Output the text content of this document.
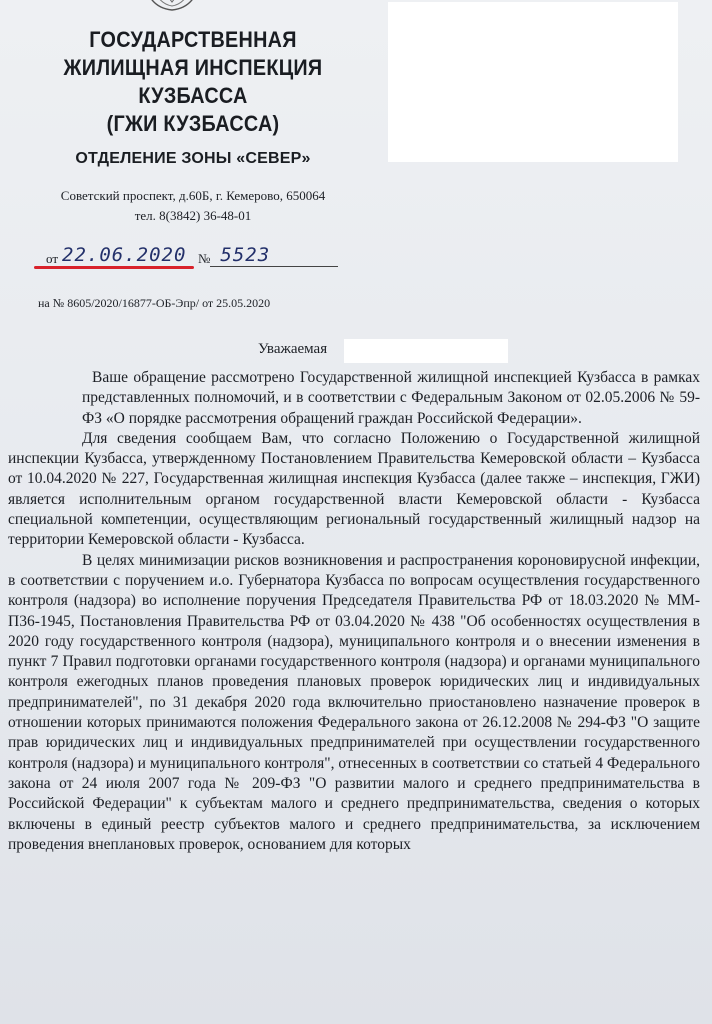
ГОСУДАРСТВЕННАЯ
ЖИЛИЩНАЯ ИНСПЕКЦИЯ
КУЗБАССА
(ГЖИ КУЗБАССА)
ОТДЕЛЕНИЕ ЗОНЫ «СЕВЕР»
Советский проспект, д.60Б, г. Кемерово, 650064
тел. 8(3842) 36-48-01
от 22.06.2020 № 5523

на № 8605/2020/16877-ОБ-Эпр/ от 25.05.2020

Уважаемая

Ваше обращение рассмотрено Государственной жилищной инспекцией Кузбасса в рамках представленных полномочий, и в соответствии с Федеральным Законом от 02.05.2006 № 59-ФЗ «О порядке рассмотрения обращений граждан Российской Федерации».

Для сведения сообщаем Вам, что согласно Положению о Государственной жилищной инспекции Кузбасса, утвержденному Постановлением Правительства Кемеровской области – Кузбасса от 10.04.2020 № 227, Государственная жилищная инспекция Кузбасса (далее также – инспекция, ГЖИ) является исполнительным органом государственной власти Кемеровской области - Кузбасса специальной компетенции, осуществляющим региональный государственный жилищный надзор на территории Кемеровской области - Кузбасса.

В целях минимизации рисков возникновения и распространения короновирусной инфекции, в соответствии с поручением и.о. Губернатора Кузбасса по вопросам осуществления государственного контроля (надзора) во исполнение поручения Председателя Правительства РФ от 18.03.2020 № ММ-П36-1945, Постановления Правительства РФ от 03.04.2020 № 438 "Об особенностях осуществления в 2020 году государственного контроля (надзора), муниципального контроля и о внесении изменения в пункт 7 Правил подготовки органами государственного контроля (надзора) и органами муниципального контроля ежегодных планов проведения плановых проверок юридических лиц и индивидуальных предпринимателей", по 31 декабря 2020 года включительно приостановлено назначение проверок в отношении которых принимаются положения Федерального закона от 26.12.2008 № 294-ФЗ "О защите прав юридических лиц и индивидуальных предпринимателей при осуществлении государственного контроля (надзора) и муниципального контроля", отнесенных в соответствии со статьей 4 Федерального закона от 24 июля 2007 года № 209-ФЗ "О развитии малого и среднего предпринимательства в Российской Федерации" к субъектам малого и среднего предпринимательства, сведения о которых включены в единый реестр субъектов малого и среднего предпринимательства, за исключением проведения внеплановых проверок, основанием для которых
